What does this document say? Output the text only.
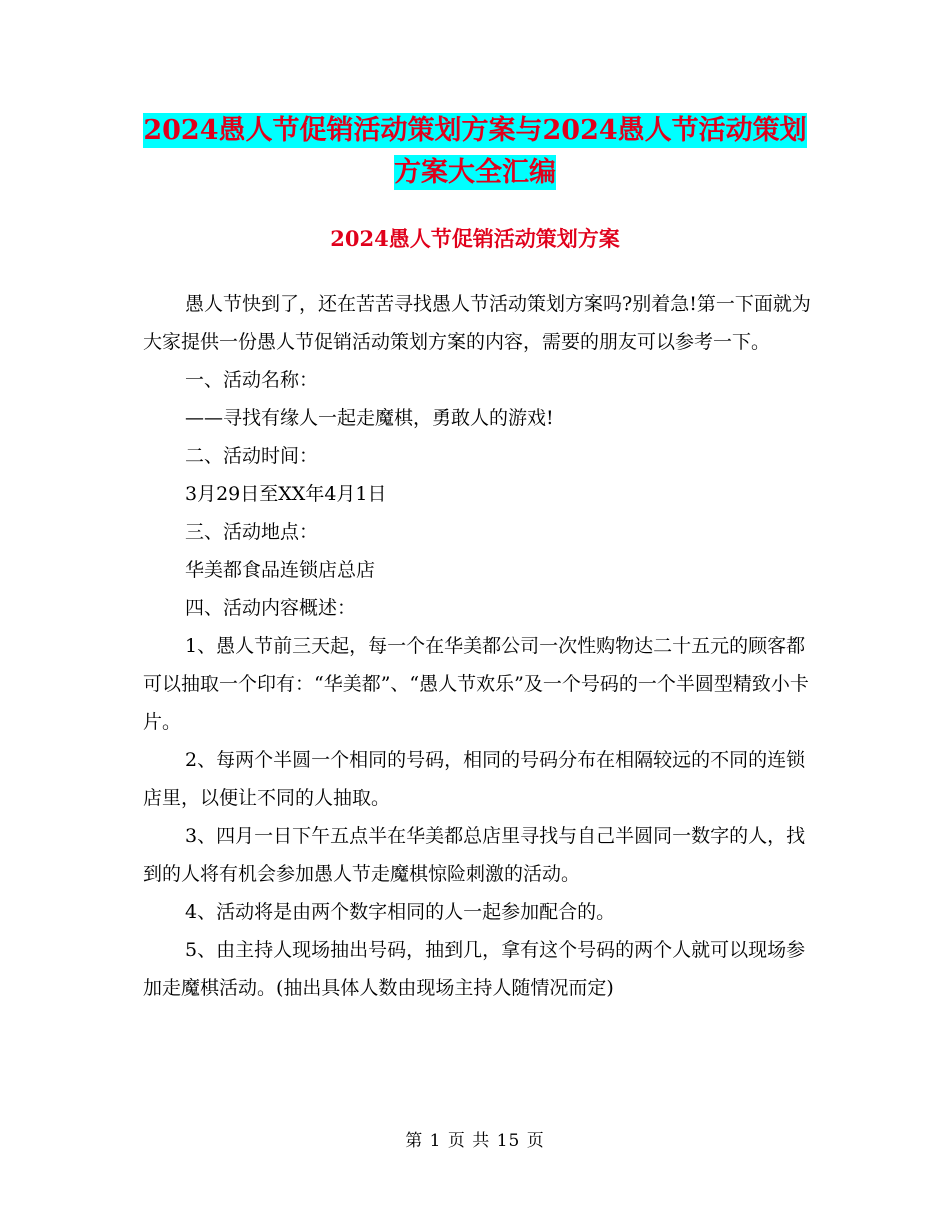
2024愚人节促销活动策划方案与2024愚人节活动策划
方案大全汇编
2024愚人节促销活动策划方案

愚人节快到了，还在苦苦寻找愚人节活动策划方案吗?别着急!第一下面就为大家提供一份愚人节促销活动策划方案的内容，需要的朋友可以参考一下。

一、活动名称：

——寻找有缘人一起走魔棋，勇敢人的游戏!

二、活动时间：

3月29日至XX年4月1日

三、活动地点：

华美都食品连锁店总店

四、活动内容概述：

1、愚人节前三天起，每一个在华美都公司一次性购物达二十五元的顾客都可以抽取一个印有：“华美都”、“愚人节欢乐”及一个号码的一个半圆型精致小卡片。

2、每两个半圆一个相同的号码，相同的号码分布在相隔较远的不同的连锁店里，以便让不同的人抽取。

3、四月一日下午五点半在华美都总店里寻找与自己半圆同一数字的人，找到的人将有机会参加愚人节走魔棋惊险刺激的活动。

4、活动将是由两个数字相同的人一起参加配合的。

5、由主持人现场抽出号码，抽到几，拿有这个号码的两个人就可以现场参加走魔棋活动。(抽出具体人数由现场主持人随情况而定)

第 1 页 共 15 页
